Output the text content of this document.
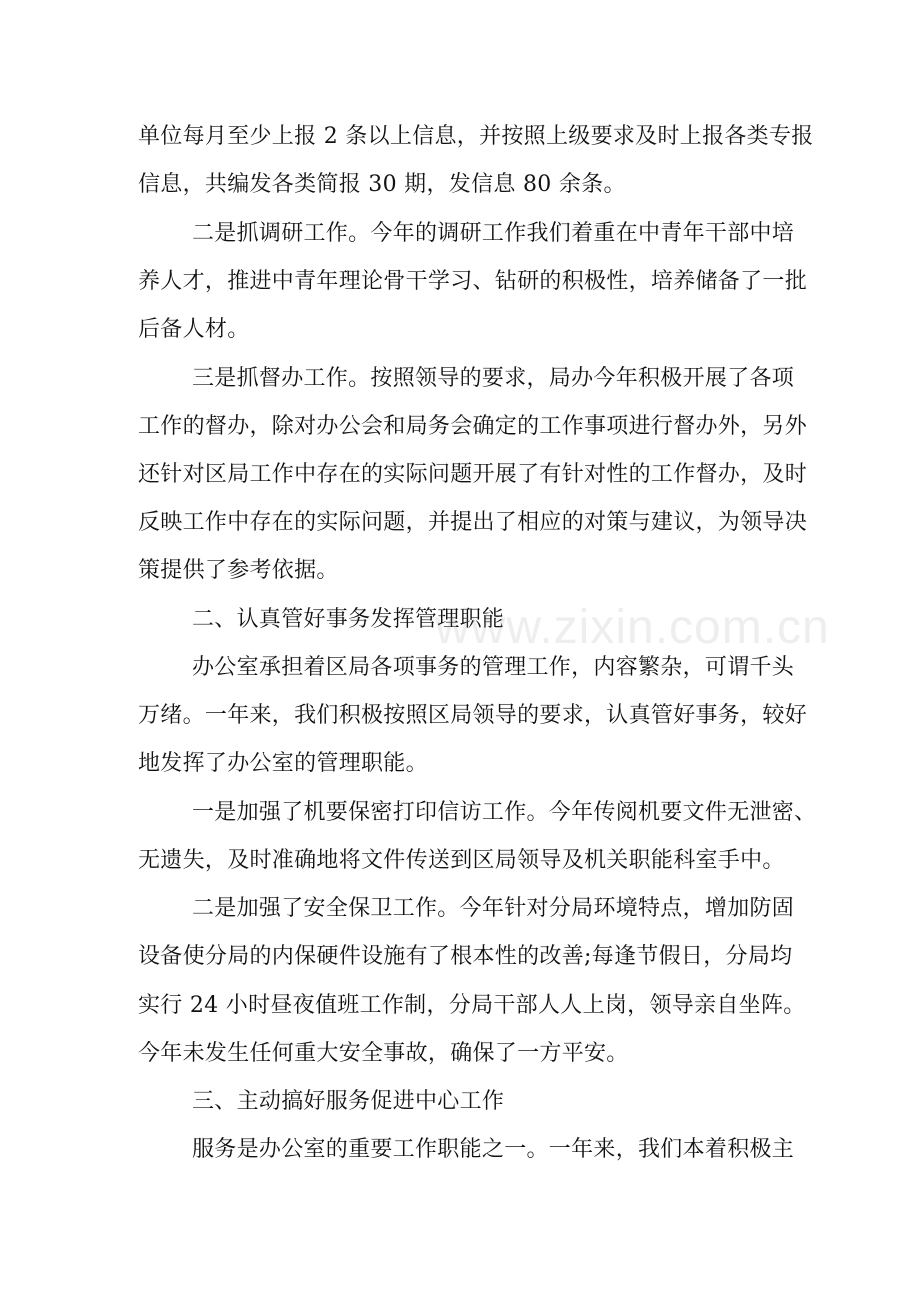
单位每月至少上报 2 条以上信息，并按照上级要求及时上报各类专报
信息，共编发各类简报 30 期，发信息 80 余条。
二是抓调研工作。今年的调研工作我们着重在中青年干部中培
养人才，推进中青年理论骨干学习、钻研的积极性，培养储备了一批
后备人材。
三是抓督办工作。按照领导的要求，局办今年积极开展了各项
工作的督办，除对办公会和局务会确定的工作事项进行督办外，另外
还针对区局工作中存在的实际问题开展了有针对性的工作督办，及时
反映工作中存在的实际问题，并提出了相应的对策与建议，为领导决
策提供了参考依据。
二、认真管好事务发挥管理职能
办公室承担着区局各项事务的管理工作，内容繁杂，可谓千头
万绪。一年来，我们积极按照区局领导的要求，认真管好事务，较好
地发挥了办公室的管理职能。
一是加强了机要保密打印信访工作。今年传阅机要文件无泄密、
无遗失，及时准确地将文件传送到区局领导及机关职能科室手中。
二是加强了安全保卫工作。今年针对分局环境特点，增加防固
设备使分局的内保硬件设施有了根本性的改善;每逢节假日，分局均
实行 24 小时昼夜值班工作制，分局干部人人上岗，领导亲自坐阵。
今年未发生任何重大安全事故，确保了一方平安。
三、主动搞好服务促进中心工作
服务是办公室的重要工作职能之一。一年来，我们本着积极主
www.zixin.com.cn
